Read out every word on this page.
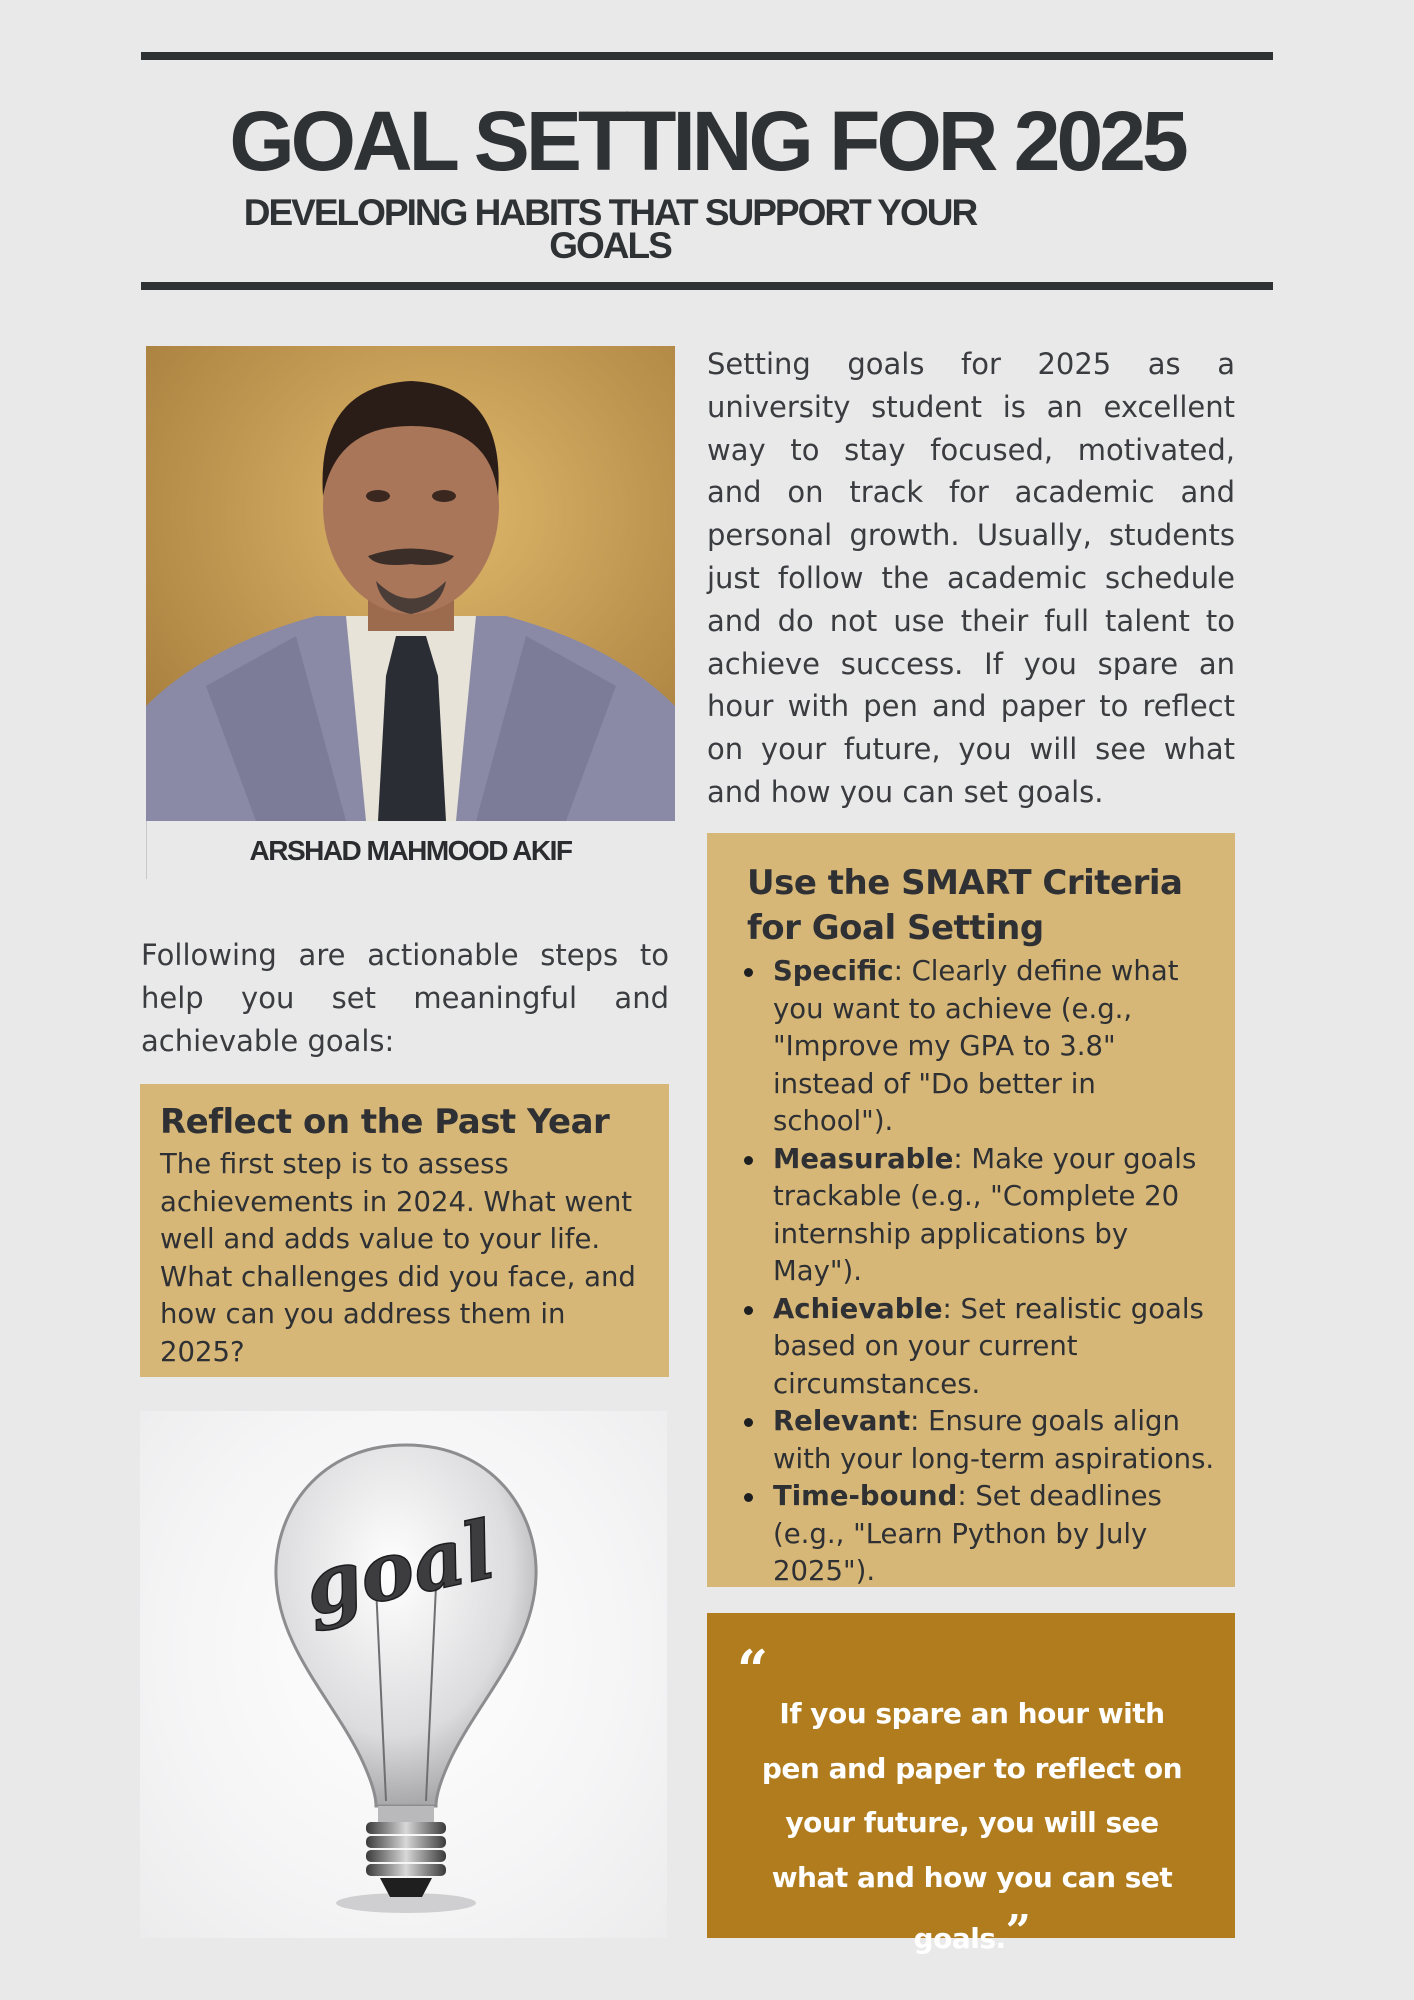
GOAL SETTING FOR 2025
DEVELOPING HABITS THAT SUPPORT YOUR GOALS
ARSHAD MAHMOOD AKIF

Setting goals for 2025 as a university student is an excellent way to stay focused, motivated, and on track for academic and personal growth. Usually, students just follow the academic schedule and do not use their full talent to achieve success. If you spare an hour with pen and paper to reflect on your future, you will see what and how you can set goals.

Following are actionable steps to help you set meaningful and achievable goals:

Reflect on the Past Year

The first step is to assess achievements in 2024. What went well and adds value to your life. What challenges did you face, and how can you address them in 2025?

goal
Use the SMART Criteria for Goal Setting
Specific: Clearly define what you want to achieve (e.g., "Improve my GPA to 3.8" instead of "Do better in school").
Measurable: Make your goals trackable (e.g., "Complete 20 internship applications by May").
Achievable: Set realistic goals based on your current circumstances.
Relevant: Ensure goals align with your long-term aspirations.
Time-bound: Set deadlines (e.g., "Learn Python by July 2025").
“

If you spare an hour with pen and paper to reflect on your future, you will see what and how you can set goals.”
